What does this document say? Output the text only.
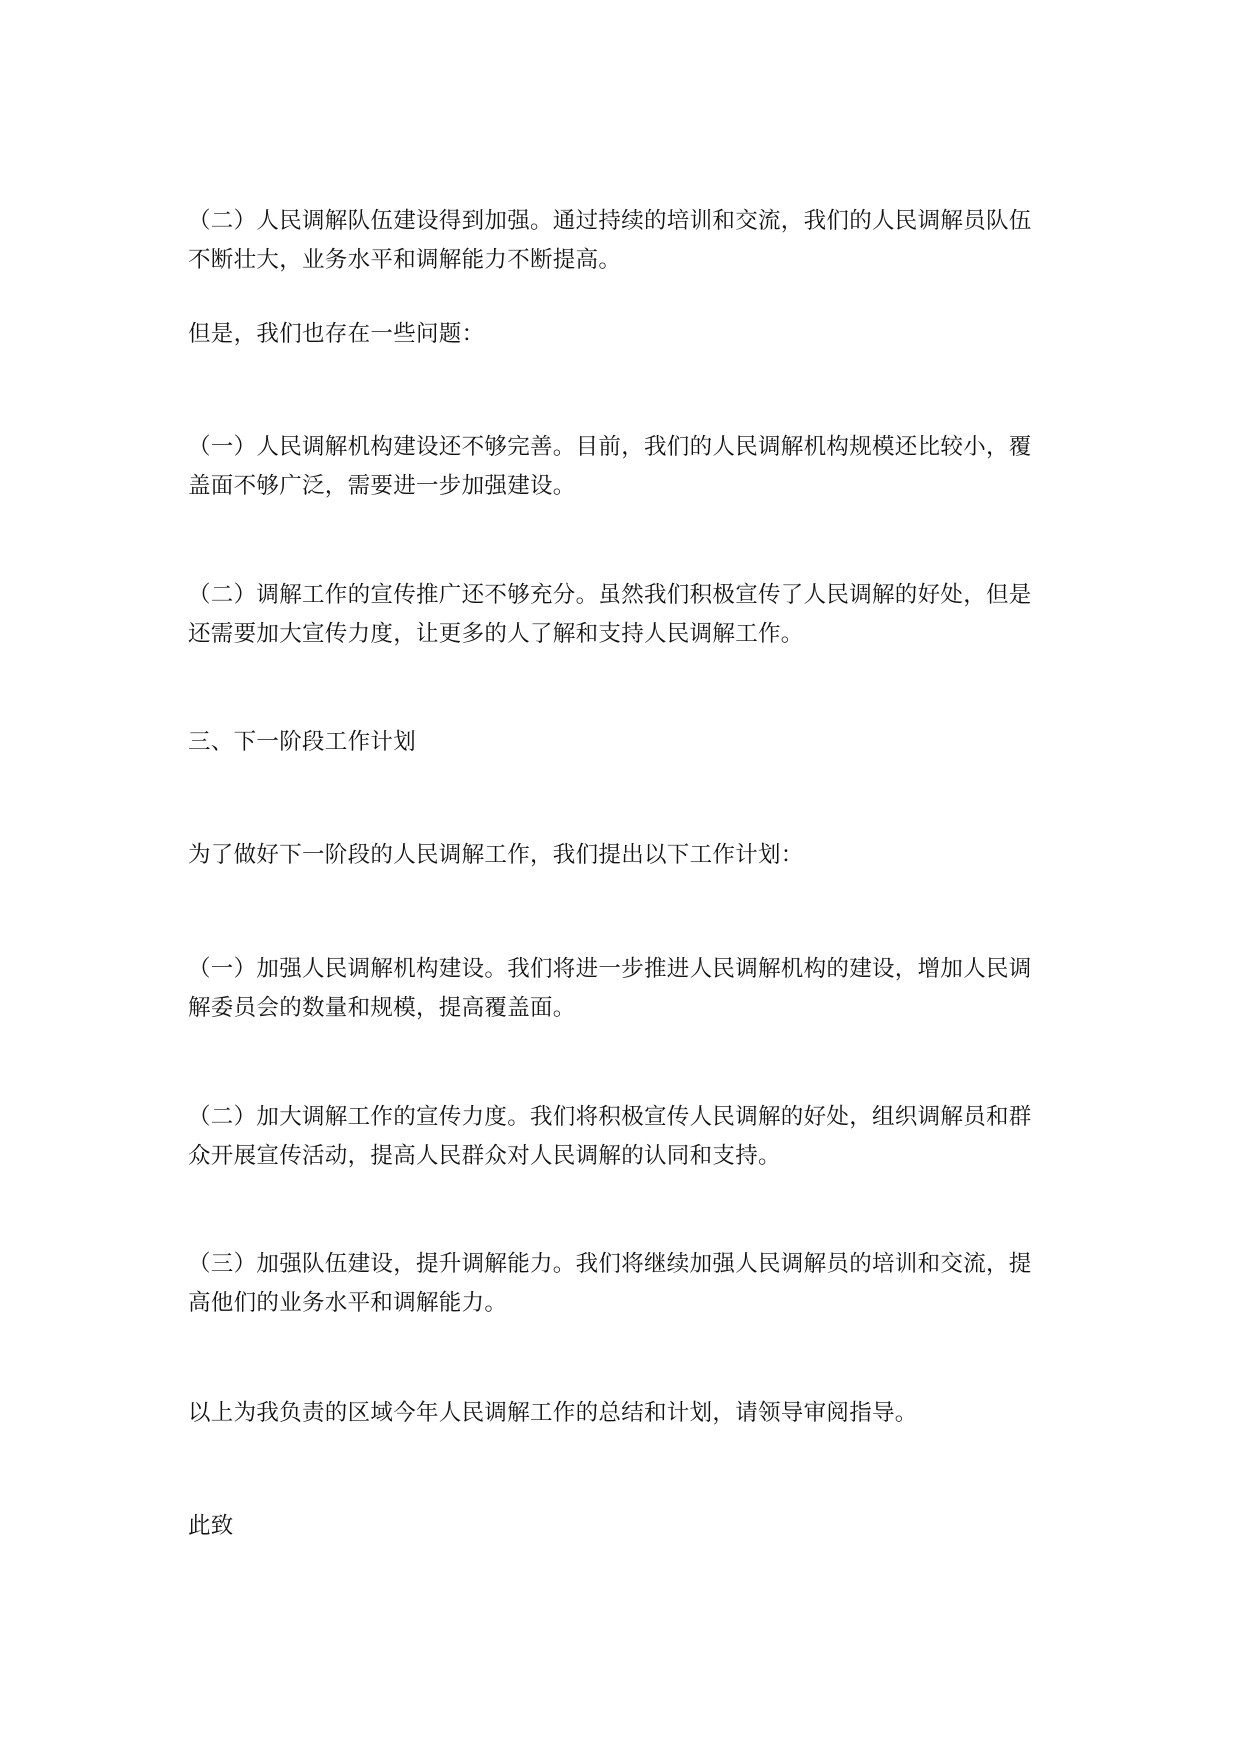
（二）人民调解队伍建设得到加强。通过持续的培训和交流，我们的人民调解员队伍不断壮大，业务水平和调解能力不断提高。

但是，我们也存在一些问题：

（一）人民调解机构建设还不够完善。目前，我们的人民调解机构规模还比较小，覆盖面不够广泛，需要进一步加强建设。

（二）调解工作的宣传推广还不够充分。虽然我们积极宣传了人民调解的好处，但是还需要加大宣传力度，让更多的人了解和支持人民调解工作。

三、下一阶段工作计划

为了做好下一阶段的人民调解工作，我们提出以下工作计划：

（一）加强人民调解机构建设。我们将进一步推进人民调解机构的建设，增加人民调解委员会的数量和规模，提高覆盖面。

（二）加大调解工作的宣传力度。我们将积极宣传人民调解的好处，组织调解员和群众开展宣传活动，提高人民群众对人民调解的认同和支持。

（三）加强队伍建设，提升调解能力。我们将继续加强人民调解员的培训和交流，提高他们的业务水平和调解能力。

以上为我负责的区域今年人民调解工作的总结和计划，请领导审阅指导。

此致
